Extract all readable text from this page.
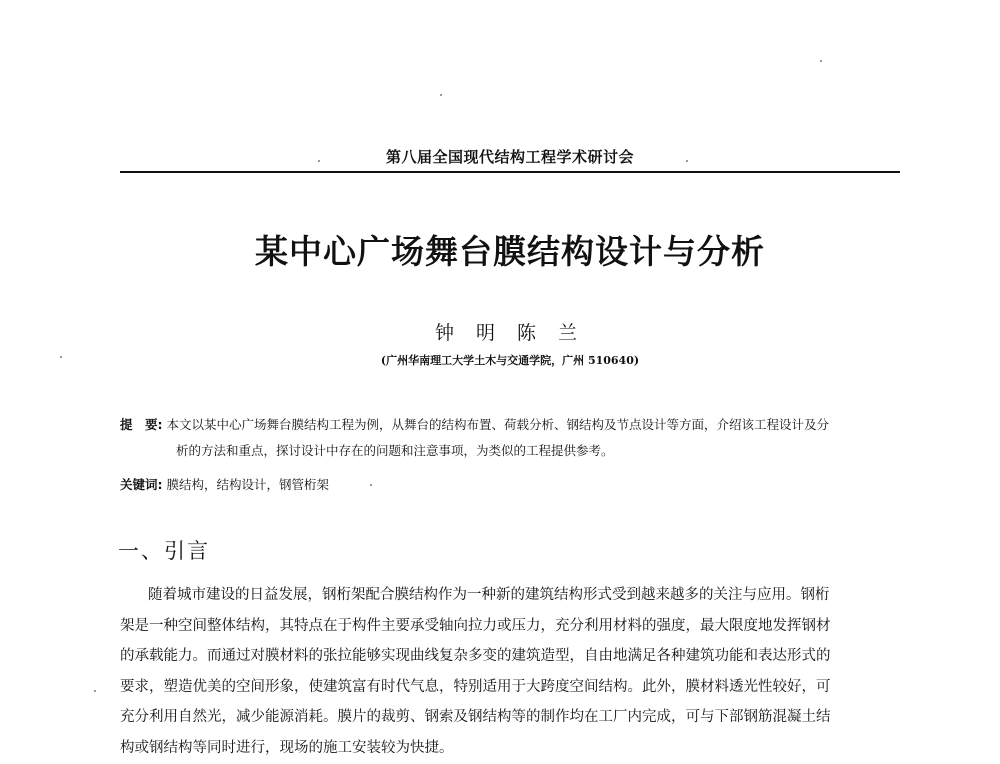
第八届全国现代结构工程学术研讨会
某中心广场舞台膜结构设计与分析
钟 明 陈 兰
(广州华南理工大学土木与交通学院，广州 510640)
提　要: 本文以某中心广场舞台膜结构工程为例，从舞台的结构布置、荷载分析、钢结构及节点设计等方面，介绍该工程设计及分
析的方法和重点，探讨设计中存在的问题和注意事项，为类似的工程提供参考。
关键词: 膜结构，结构设计，钢管桁架
一、引言
随着城市建设的日益发展，钢桁架配合膜结构作为一种新的建筑结构形式受到越来越多的关注与应用。钢桁
架是一种空间整体结构，其特点在于构件主要承受轴向拉力或压力，充分利用材料的强度，最大限度地发挥钢材
的承载能力。而通过对膜材料的张拉能够实现曲线复杂多变的建筑造型，自由地满足各种建筑功能和表达形式的
要求，塑造优美的空间形象，使建筑富有时代气息，特别适用于大跨度空间结构。此外，膜材料透光性较好，可
充分利用自然光，减少能源消耗。膜片的裁剪、钢索及钢结构等的制作均在工厂内完成，可与下部钢筋混凝土结
构或钢结构等同时进行，现场的施工安装较为快捷。
